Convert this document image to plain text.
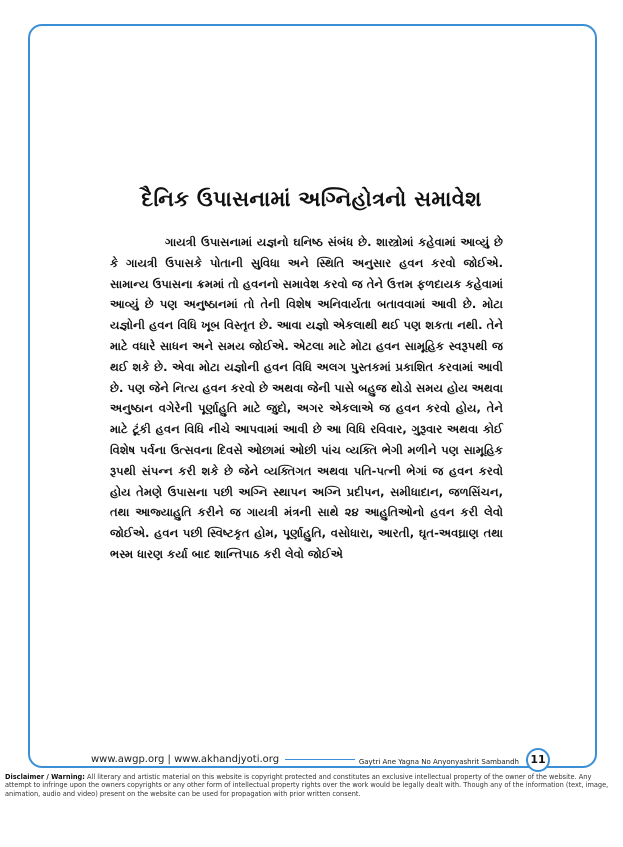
દૈનિક ઉપાસનામાં અગ્નિહોત્રનો સમાવેશ

ગાયત્રી ઉપાસનામાં યજ્ઞનો ઘનિષ્ઠ સંબંધ છે. શાસ્ત્રોમાં કહેવામાં આવ્યું છે કે ગાયત્રી ઉપાસકે પોતાની સુવિધા અને સ્થિતિ અનુસાર હવન કરવો જોઈએ. સામાન્ય ઉપાસના ક્રમમાં તો હવનનો સમાવેશ કરવો જ તેને ઉત્તમ ફળદાયક કહેવામાં આવ્યું છે પણ અનુષ્ઠાનમાં તો તેની વિશેષ અનિવાર્યતા બતાવવામાં આવી છે. મોટા યજ્ઞોની હવન વિધિ ખૂબ વિસ્તૃત છે. આવા યજ્ઞો એકલાથી થઈ પણ શકતા નથી. તેને માટે વધારે સાધન અને સમય જોઈએ. એટલા માટે મોટા હવન સામૂહિક સ્વરૂપથી જ થઈ શકે છે. એવા મોટા યજ્ઞોની હવન વિધિ અલગ પુસ્તકમાં પ્રકાશિત કરવામાં આવી છે. પણ જેને નિત્ય હવન કરવો છે અથવા જેની પાસે બહુજ થોડો સમય હોય અથવા અનુષ્ઠાન વગેરેની પૂર્ણાહુતિ માટે જુદો, અગર એકલાએ જ હવન કરવો હોય, તેને માટે ટૂંકી હવન વિધિ નીચે આપવામાં આવી છે આ વિધિ રવિવાર, ગુરૂવાર અથવા કોઈ વિશેષ પર્વના ઉત્સવના દિવસે ઓછામાં ઓછી પાંચ વ્યક્તિ ભેગી મળીને પણ સામૂહિક રૂપથી સંપન્ન કરી શકે છે જેને વ્યક્તિગત અથવા પતિ-પત્ની ભેગાં જ હવન કરવો હોય તેમણે ઉપાસના પછી અગ્નિ સ્થાપન અગ્નિ પ્રદીપન, સમીધાદાન, જળસિંચન, તથા આજ્યાહુતિ કરીને જ ગાયત્રી મંત્રની સાથે ૨૪ આહુતિઓનો હવન કરી લેવો જોઈએ. હવન પછી સ્વિષ્ટકૃત હોમ, પૂર્ણાહુતિ, વસોધારા, આરતી, ઘૃત-અવઘ્રાણ તથા ભસ્મ ધારણ કર્યા બાદ શાન્તિપાઠ કરી લેવો જોઈએ

www.awgp.org | www.akhandjyoti.org	Gaytri Ane Yagna No Anyonyashrit Sambandh	11

Disclaimer / Warning: All literary and artistic material on this website is copyright protected and constitutes an exclusive intellectual property of the owner of the website. Any attempt to infringe upon the owners copyrights or any other form of intellectual property rights over the work would be legally dealt with. Though any of the information (text, image, animation, audio and video) present on the website can be used for propagation with prior written consent.
